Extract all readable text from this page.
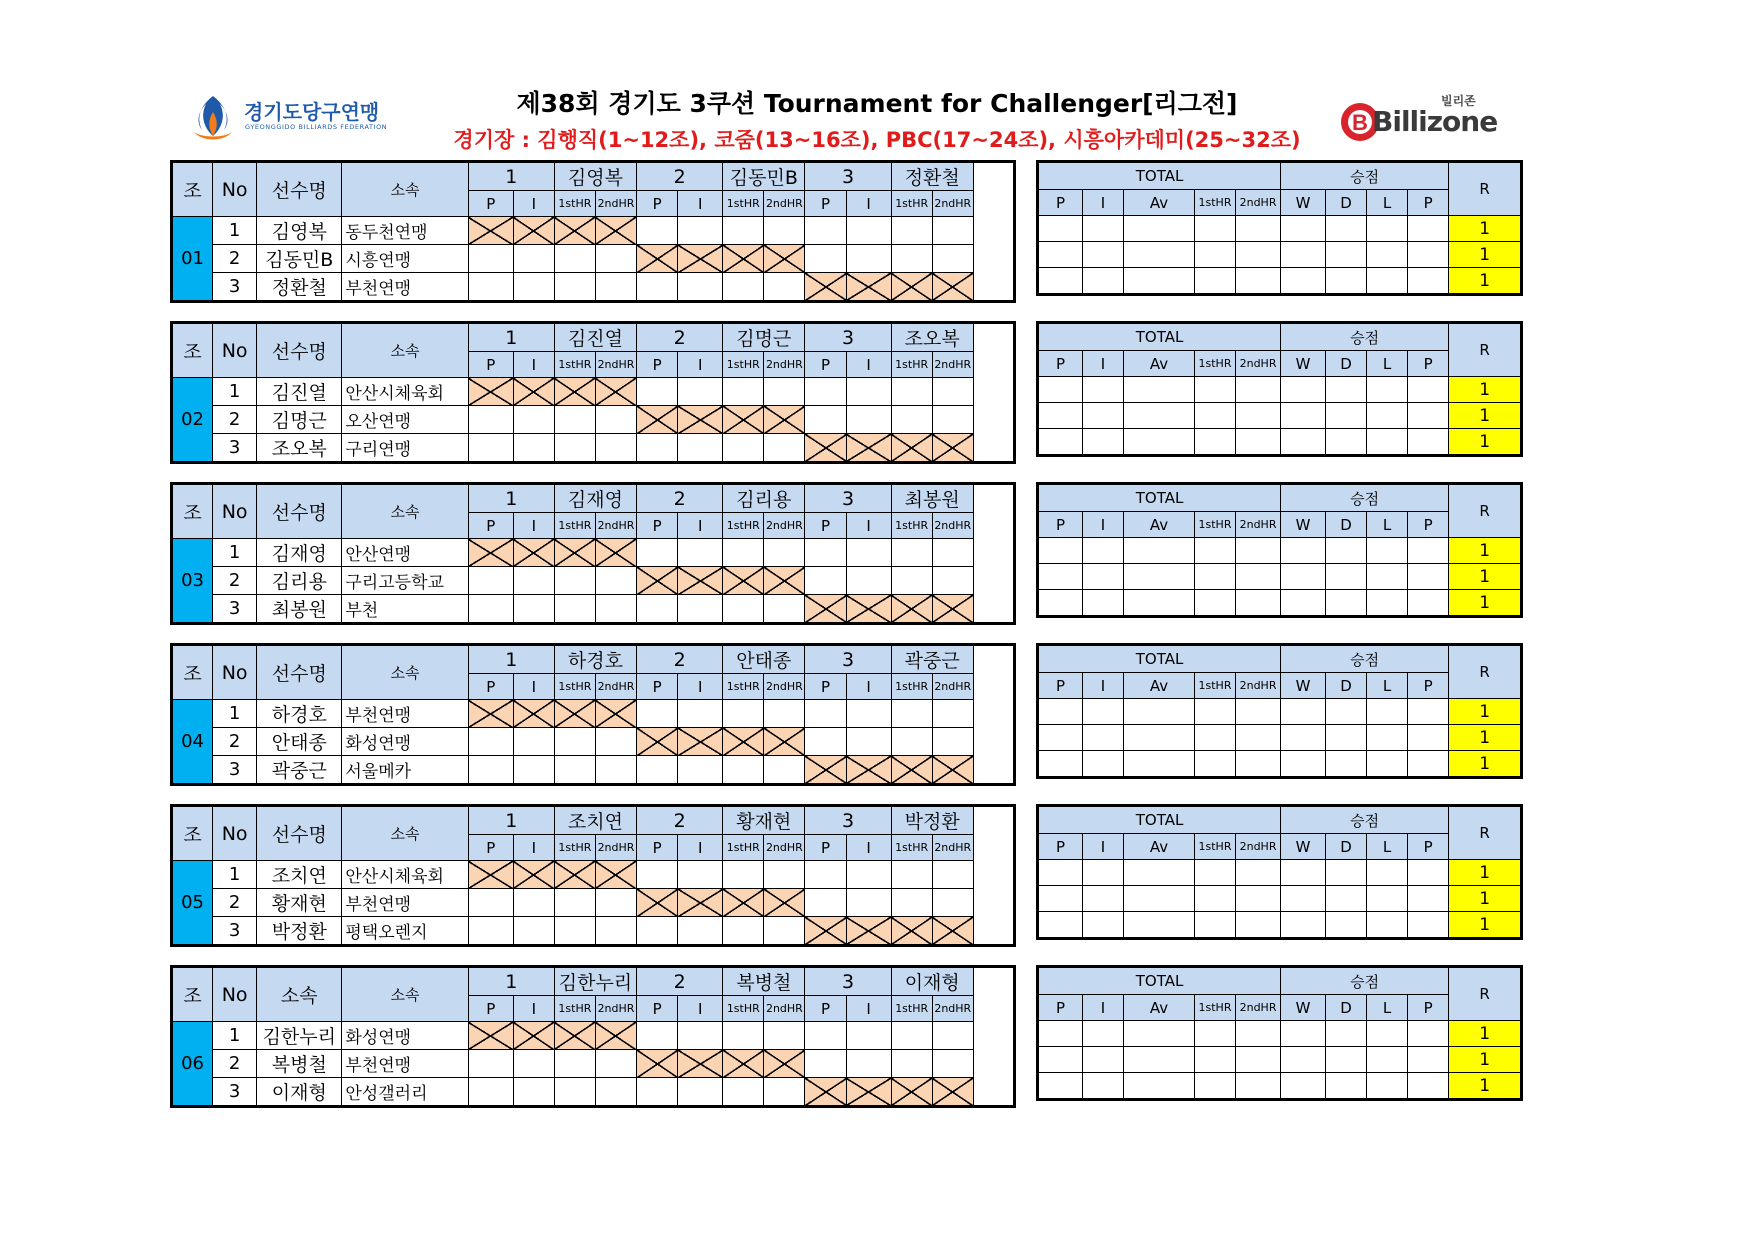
경기도당구연맹
GYEONGGIDO BILLIARDS FEDERATION
제38회 경기도 3쿠션 Tournament for Challenger[리그전]
경기장 : 김행직(1~12조), 코줌(13~16조), PBC(17~24조), 시흥아카데미(25~32조)
빌리존
B Billizone
조	No	선수명	소속	1		김영복		2		김동민B		3		정환철	
				P	I	1stHR	2ndHR	P	I	1stHR	2ndHR	P	I	1stHR	2ndHR
01	1	김영복	동두천연맹												
	2	김동민B	시흥연맹												
	3	정환철	부천연맹												
TOTAL					승점				R
P	I	Av	1stHR	2ndHR	W	D	L	P	
									1
									1
									1
조	No	선수명	소속	1		김진열		2		김명근		3		조오복	
				P	I	1stHR	2ndHR	P	I	1stHR	2ndHR	P	I	1stHR	2ndHR
02	1	김진열	안산시체육회												
	2	김명근	오산연맹												
	3	조오복	구리연맹												
TOTAL					승점				R
P	I	Av	1stHR	2ndHR	W	D	L	P	
									1
									1
									1
조	No	선수명	소속	1		김재영		2		김리용		3		최봉원	
				P	I	1stHR	2ndHR	P	I	1stHR	2ndHR	P	I	1stHR	2ndHR
03	1	김재영	안산연맹												
	2	김리용	구리고등학교												
	3	최봉원	부천												
TOTAL					승점				R
P	I	Av	1stHR	2ndHR	W	D	L	P	
									1
									1
									1
조	No	선수명	소속	1		하경호		2		안태종		3		곽중근	
				P	I	1stHR	2ndHR	P	I	1stHR	2ndHR	P	I	1stHR	2ndHR
04	1	하경호	부천연맹												
	2	안태종	화성연맹												
	3	곽중근	서울메카												
TOTAL					승점				R
P	I	Av	1stHR	2ndHR	W	D	L	P	
									1
									1
									1
조	No	선수명	소속	1		조치연		2		황재현		3		박정환	
				P	I	1stHR	2ndHR	P	I	1stHR	2ndHR	P	I	1stHR	2ndHR
05	1	조치연	안산시체육회												
	2	황재현	부천연맹												
	3	박정환	평택오렌지												
TOTAL					승점				R
P	I	Av	1stHR	2ndHR	W	D	L	P	
									1
									1
									1
조	No	소속	소속	1		김한누리		2		복병철		3		이재형	
				P	I	1stHR	2ndHR	P	I	1stHR	2ndHR	P	I	1stHR	2ndHR
06	1	김한누리	화성연맹												
	2	복병철	부천연맹												
	3	이재형	안성갤러리												
TOTAL					승점				R
P	I	Av	1stHR	2ndHR	W	D	L	P	
									1
									1
									1
